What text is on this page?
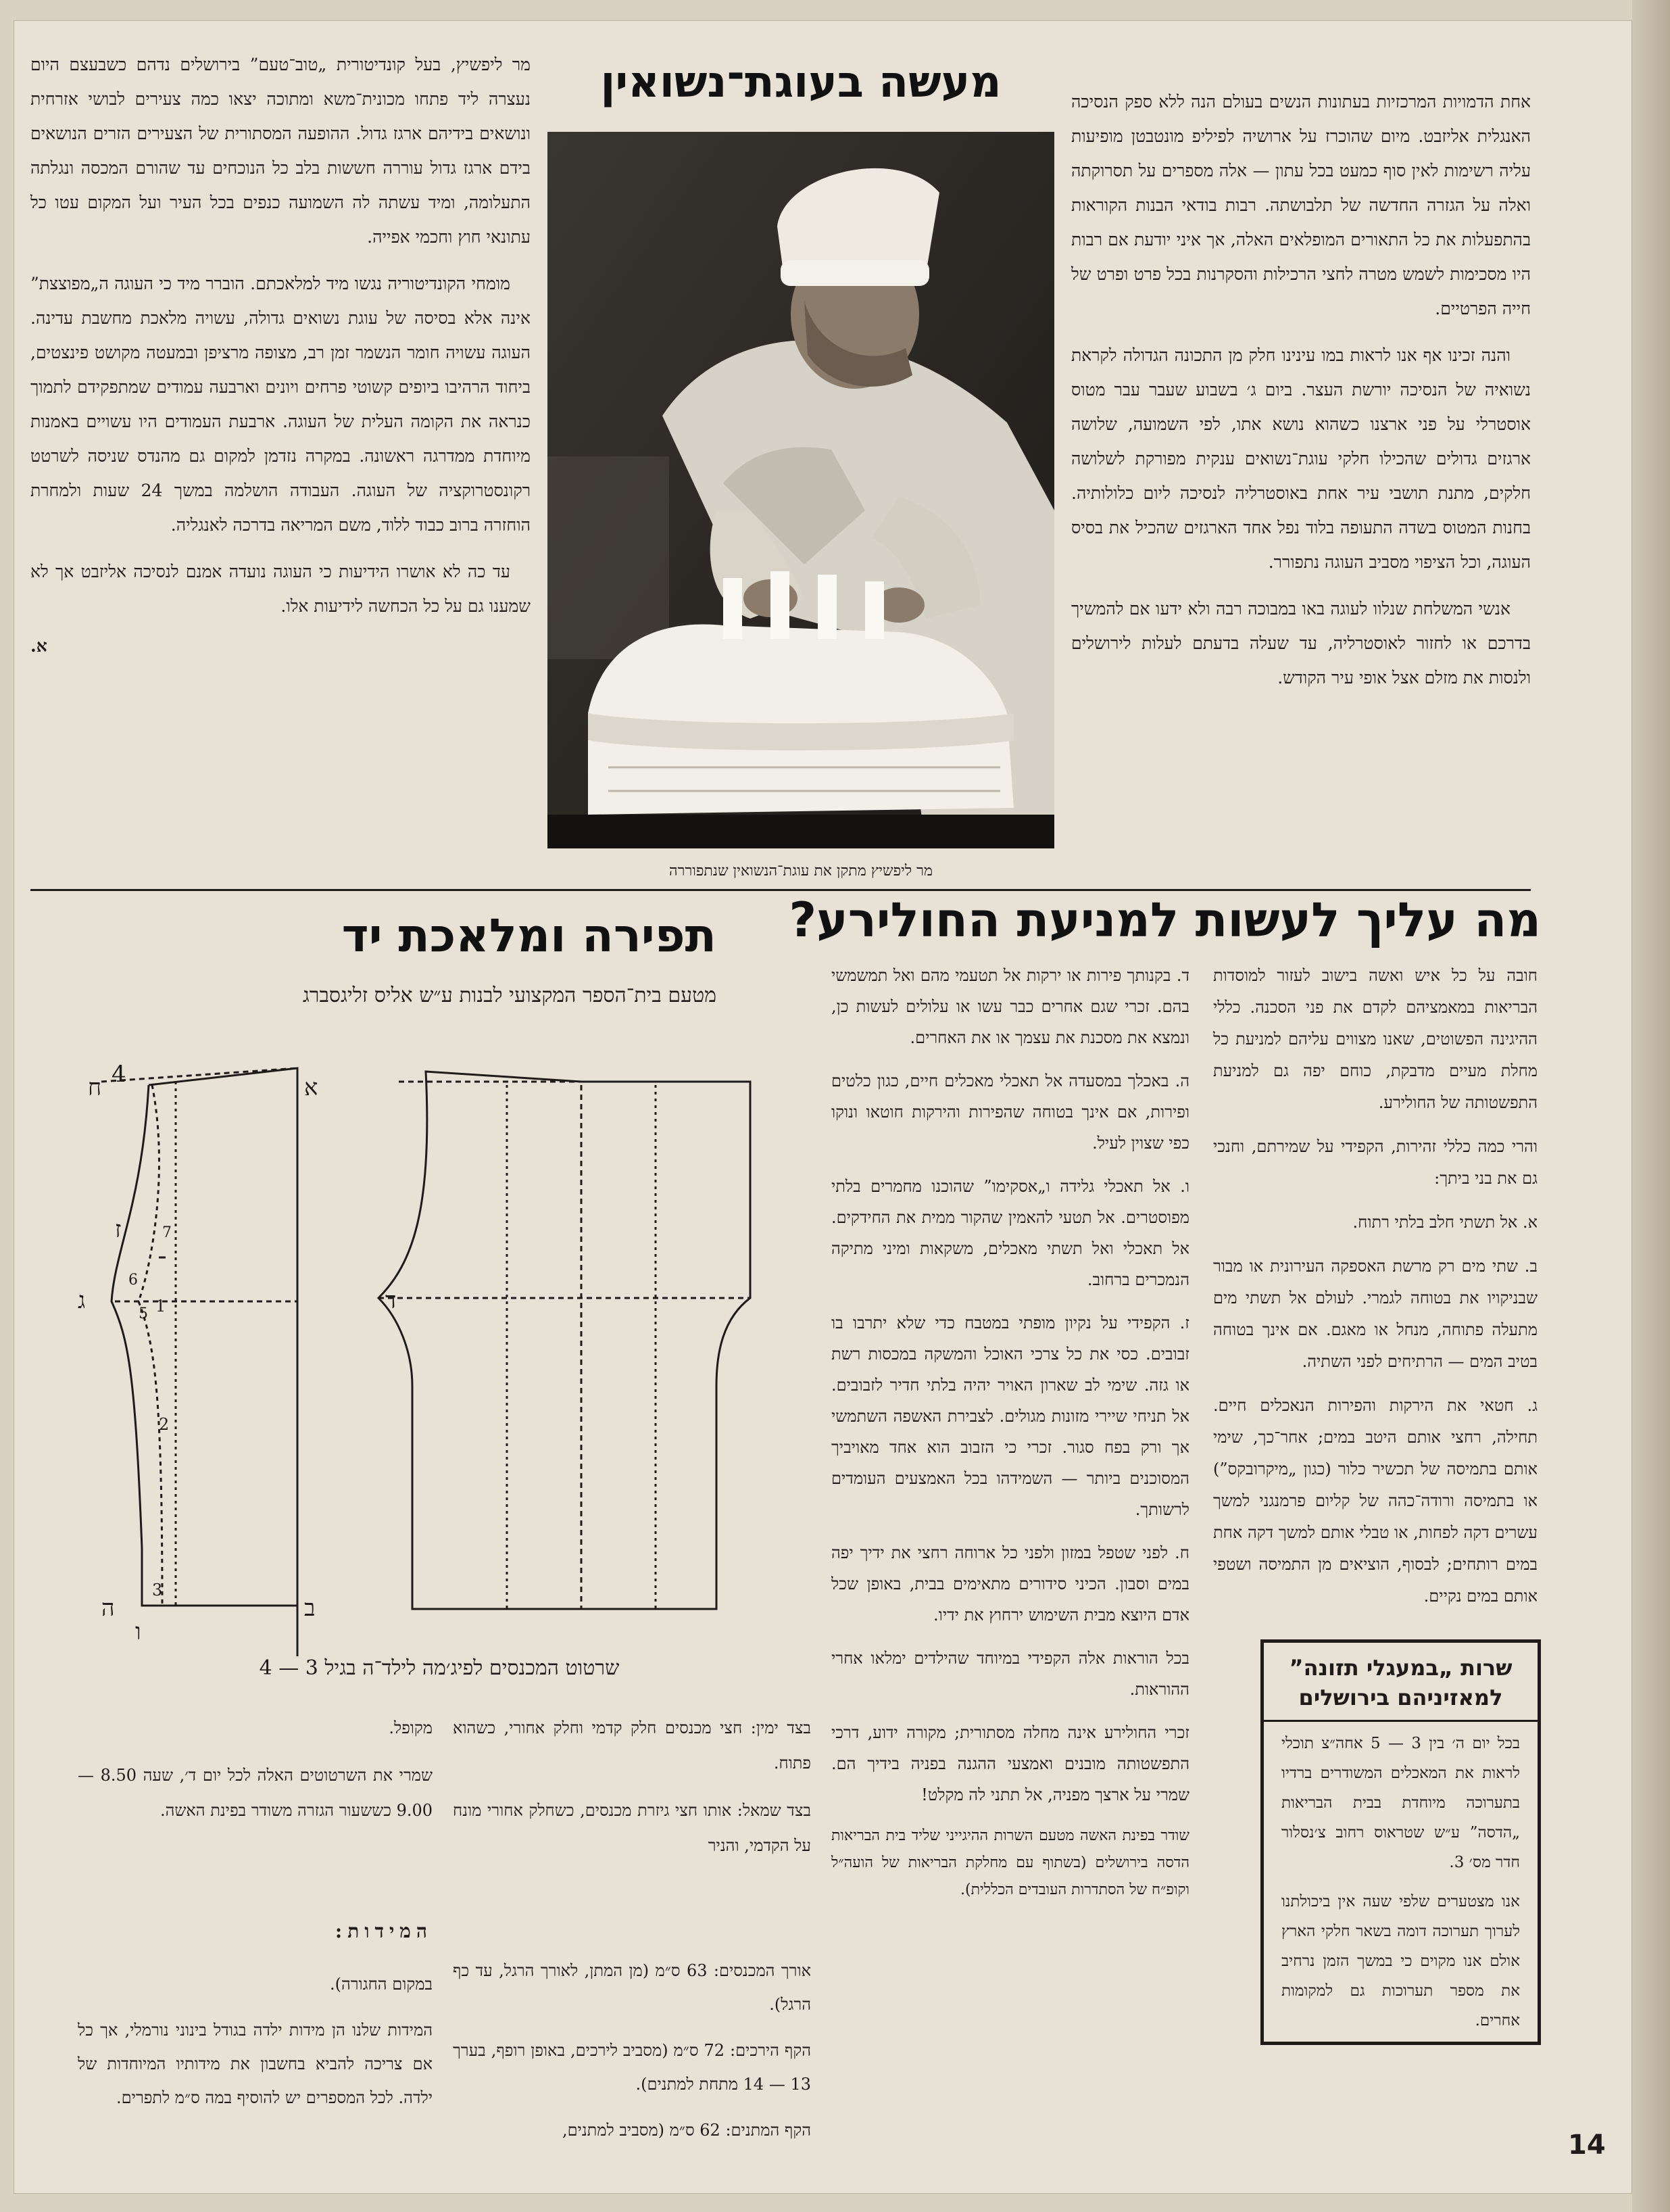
מר ליפשיץ, בעל קונדיטורית „טוב־טעם” בירושלים נדהם כשבעצם היום נעצרה ליד פתחו מכונית־משא ומתוכה יצאו כמה צעירים לבושי אזרחית ונושאים בידיהם ארגז גדול. ההופעה המסתורית של הצעירים הזרים הנושאים בידם ארגז גדול עוררה חששות בלב כל הנוכחים עד שהורם המכסה ונגלתה התעלומה, ומיד עשתה לה השמועה כנפים בכל העיר ועל המקום עטו כל עתונאי חוץ וחכמי אפייה.

מומחי הקונדיטוריה נגשו מיד למלאכתם. הוברר מיד כי העוגה ה„מפוצצת” אינה אלא בסיסה של עוגת נשואים גדולה, עשויה מלאכת מחשבת עדינה. העוגה עשויה חומר הנשמר זמן רב, מצופה מרציפן ובמעטה מקושט פינצטים, ביחוד הרהיבו ביופים קשוטי פרחים ויונים וארבעה עמודים שמתפקידם לתמוך כנראה את הקומה העלית של העוגה. ארבעת העמודים היו עשויים באמנות מיוחדת ממדרגה ראשונה. במקרה נזדמן למקום גם מהנדס שניסה לשרטט רקונסטרוקציה של העוגה. העבודה הושלמה במשך 24 שעות ולמחרת הוחזרה ברוב כבוד ללוד, משם המריאה בדרכה לאנגליה.

עד כה לא אושרו הידיעות כי העוגה נועדה אמנם לנסיכה אליזבט אך לא שמענו גם על כל הכחשה לידיעות אלו.

א.
מעשה בעוגת־נשואין
מר ליפשיץ מתקן את עוגת־הנשואין שנתפוררה

אחת הדמויות המרכזיות בעתונות הנשים בעולם הנה ללא ספק הנסיכה האנגלית אליזבט. מיום שהוכרז על ארושיה לפיליפ מונטבטן מופיעות עליה רשימות לאין סוף כמעט בכל עתון — אלה מספרים על תסרוקתה ואלה על הגזרה החדשה של תלבושתה. רבות בודאי הבנות הקוראות בהתפעלות את כל התאורים המופלאים האלה, אך איני יודעת אם רבות היו מסכימות לשמש מטרה לחצי הרכילות והסקרנות בכל פרט ופרט של חייה הפרטיים.

והנה זכינו אף אנו לראות במו עינינו חלק מן התכונה הגדולה לקראת נשואיה של הנסיכה יורשת העצר. ביום ג׳ בשבוע שעבר עבר מטוס אוסטרלי על פני ארצנו כשהוא נושא אתו, לפי השמועה, שלושה ארגזים גדולים שהכילו חלקי עוגת־נשואים ענקית מפורקת לשלושה חלקים, מתנת תושבי עיר אחת באוסטרליה לנסיכה ליום כלולותיה. בחנות המטוס בשדה התעופה בלוד נפל אחד הארגזים שהכיל את בסיס העוגה, וכל הציפוי מסביב העוגה נתפורר.

אנשי המשלחת שנלוו לעוגה באו במבוכה רבה ולא ידעו אם להמשיך בדרכם או לחזור לאוסטרליה, עד שעלה בדעתם לעלות לירושלים ולנסות את מזלם אצל אופי עיר הקודש.

מה עליך לעשות למניעת החולירע?

חובה על כל איש ואשה בישוב לעזור למוסדות הבריאות במאמציהם לקדם את פני הסכנה. כללי ההיגינה הפשוטים, שאנו מצווים עליהם למניעת כל מחלת מעיים מדבקת, כוחם יפה גם למניעת התפשטותה של החולירע.

והרי כמה כללי זהירות, הקפידי על שמירתם, וחנכי גם את בני ביתך:

א. אל תשתי חלב בלתי רתוח.

ב. שתי מים רק מרשת האספקה העירונית או מבור שבניקויו את בטוחה לגמרי. לעולם אל תשתי מים מתעלה פתוחה, מנחל או מאגם. אם אינך בטוחה בטיב המים — הרתיחים לפני השתיה.

ג. חטאי את הירקות והפירות הנאכלים חיים. תחילה, רחצי אותם היטב במים; אחר־כך, שימי אותם בתמיסה של תכשיר כלור (כגון „מיקרובקס”) או בתמיסה ורודה־כהה של קליום פרמנגני למשך עשרים דקה לפחות, או טבלי אותם למשך דקה אחת במים רותחים; לבסוף, הוציאים מן התמיסה ושטפי אותם במים נקיים.

ד. בקנותך פירות או ירקות אל תטעמי מהם ואל תמשמשי בהם. זכרי שגם אחרים כבר עשו או עלולים לעשות כן, ונמצא את מסכנת את עצמך או את האחרים.

ה. באכלך במסעדה אל תאכלי מאכלים חיים, כגון כלטים ופירות, אם אינך בטוחה שהפירות והירקות חוטאו ונוקו כפי שצוין לעיל.

ו. אל תאכלי גלידה ו„אסקימו” שהוכנו מחמרים בלתי מפוסטרים. אל תטעי להאמין שהקור ממית את החידקים. אל תאכלי ואל תשתי מאכלים, משקאות ומיני מתיקה הנמכרים ברחוב.

ז. הקפידי על נקיון מופתי במטבח כדי שלא יתרבו בו זבובים. כסי את כל צרכי האוכל והמשקה במכסות רשת או גזה. שימי לב שארון האויר יהיה בלתי חדיר לזבובים. אל תניחי שיירי מזונות מגולים. לצבירת האשפה השתמשי אך ורק בפח סגור. זכרי כי הזבוב הוא אחד מאויביך המסוכנים ביותר — השמידהו בכל האמצעים העומדים לרשותך.

ח. לפני שטפל במזון ולפני כל ארוחה רחצי את ידיך יפה במים וסבון. הכיני סידורים מתאימים בבית, באופן שכל אדם היוצא מבית השימוש ירחוץ את ידיו.

בכל הוראות אלה הקפידי במיוחד שהילדים ימלאו אחרי ההוראות.

זכרי החולירע אינה מחלה מסתורית; מקורה ידוע, דרכי התפשטותה מובנים ואמצעי ההגנה בפניה בידיך הם. שמרי על ארצך מפניה, אל תתני לה מקלט!

שודר בפינת האשה מטעם השרות ההיגייני שליד בית הבריאות הדסה בירושלים (בשתוף עם מחלקת הבריאות של הועה״ל וקופ״ח של הסתדרות העובדים הכללית).

שרות „במעגלי תזונה”
למאזיניהם בירושלים

בכל יום ה׳ בין 3 — 5 אחה״צ תוכלי לראות את המאכלים המשודרים ברדיו בתערוכה מיוחדת בבית הבריאות „הדסה” ע״ש שטראוס רחוב צ׳נסלור חדר מס׳ 3.

אנו מצטערים שלפי שעה אין ביכולתנו לערוך תערוכה דומה בשאר חלקי הארץ אולם אנו מקוים כי במשך הזמן נרחיב את מספר תערוכות גם למקומות אחרים.

תפירה ומלאכת יד
מטעם בית־הספר המקצועי לבנות ע״ש אליס זליגסברג
4	א
ב
ג	ד
ה
ו
ז
ח
1
2
3
5
6
7
שרטוט המכנסים לפיג׳מה לילד־ה בגיל 3 — 4

בצד ימין: חצי מכנסים חלק קדמי וחלק אחורי, כשהוא פתוח.

בצד שמאל: אותו חצי גיזרת מכנסים, כשחלק אחורי מונח על הקדמי, והניר

מקופל.

שמרי את השרטוטים האלה לכל יום ד׳, שעה 8.50 — 9.00 כששעור הגזרה משודר בפינת האשה.

המידות:

אורך המכנסים: 63 ס״מ (מן המתן, לאורך הרגל, עד כף הרגל).

הקף הירכים: 72 ס״מ (מסביב לירכים, באופן רופף, בערך 13 — 14 מתחת למתנים).

הקף המתנים: 62 ס״מ (מסביב למתנים,

במקום החגורה).

המידות שלנו הן מידות ילדה בגודל בינוני נורמלי, אך כל אם צריכה להביא בחשבון את מידותיו המיוחדות של ילדה. לכל המספרים יש להוסיף במה ס״מ לתפרים.

14
